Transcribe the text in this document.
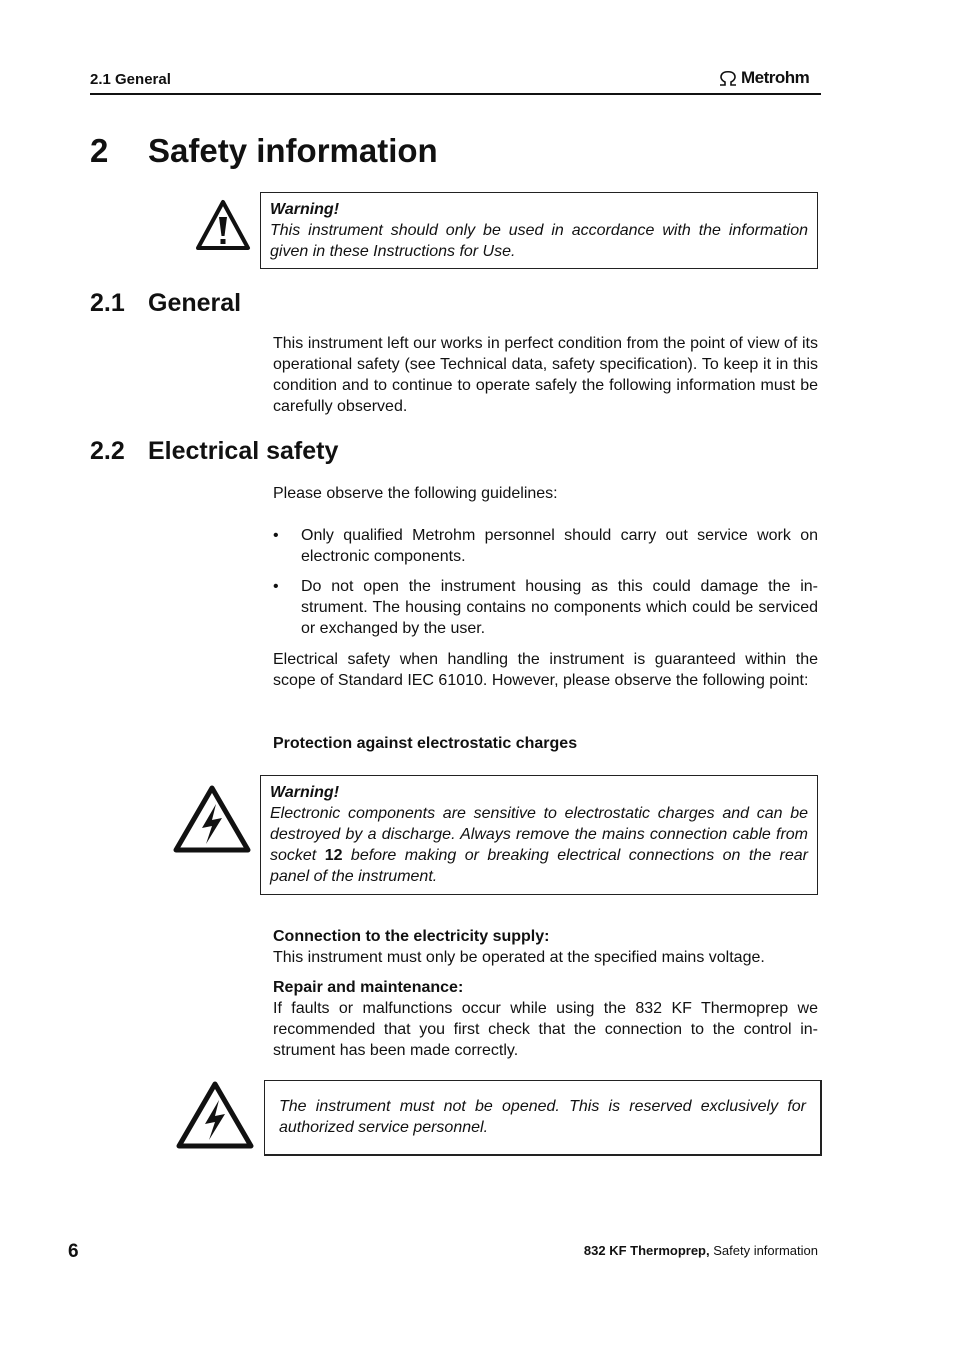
2.1 General	Metrohm
2 Safety information
Warning!
This instrument should only be used in accordance with the information given in these Instructions for Use.
2.1 General
This instrument left our works in perfect condition from the point of view of its operational safety (see Technical data, safety specification). To keep it in this condition and to continue to operate safely the following information must be carefully observed.
2.2 Electrical safety
Please observe the following guidelines:
•	Only qualified Metrohm personnel should carry out service work on electronic components.
•	Do not open the instrument housing as this could damage the in-strument. The housing contains no components which could be serviced or exchanged by the user.
Electrical safety when handling the instrument is guaranteed within the scope of Standard IEC 61010. However, please observe the following point:
Protection against electrostatic charges
Warning!
Electronic components are sensitive to electrostatic charges and can be destroyed by a discharge. Always remove the mains connection cable from socket 12 before making or breaking electrical connections on the rear panel of the instrument.
Connection to the electricity supply:
This instrument must only be operated at the specified mains voltage.
Repair and maintenance:
If faults or malfunctions occur while using the 832 KF Thermoprep we recommended that you first check that the connection to the control in-strument has been made correctly.
The instrument must not be opened. This is reserved exclusively for authorized service personnel.
6	832 KF Thermoprep, Safety information
